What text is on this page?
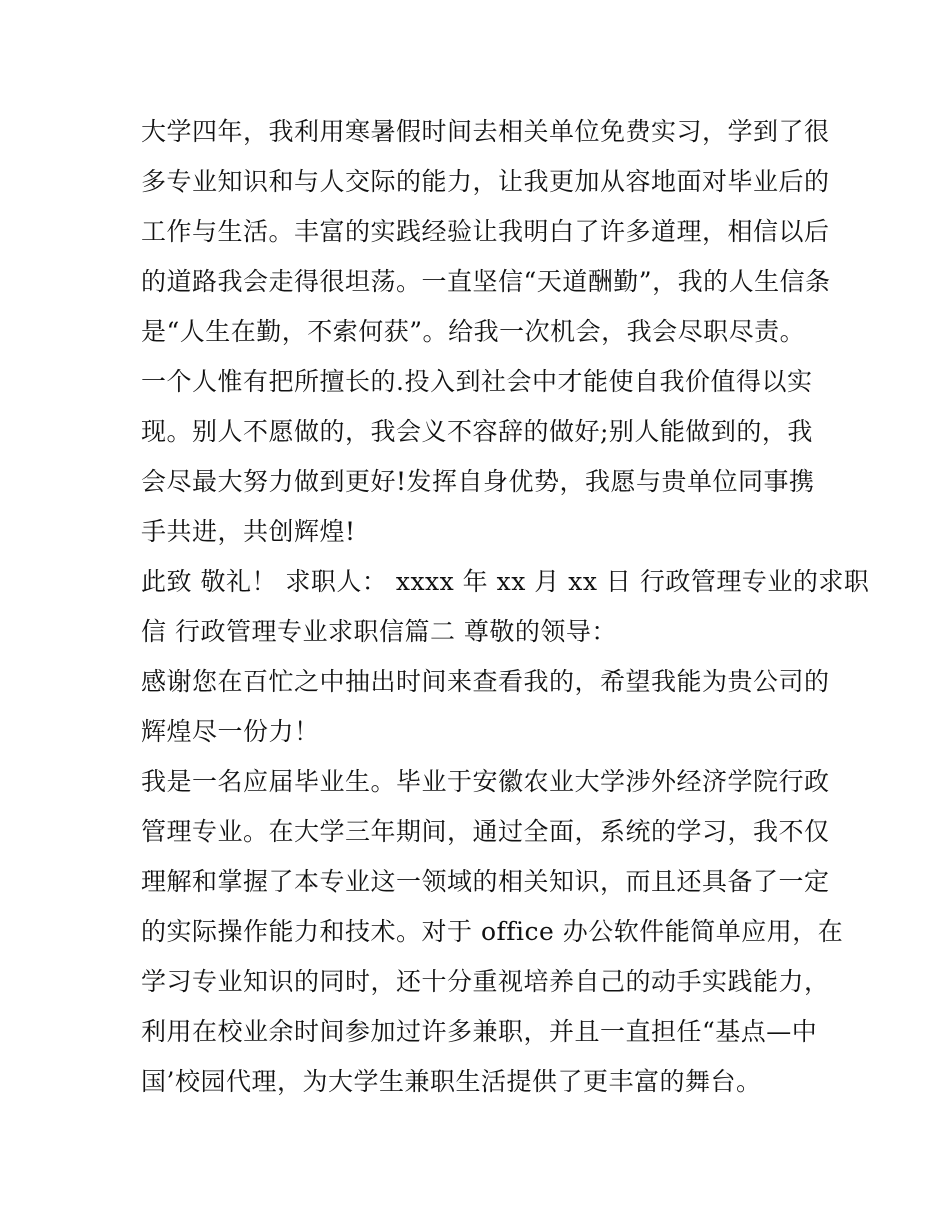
大学四年，我利用寒暑假时间去相关单位免费实习，学到了很
多专业知识和与人交际的能力，让我更加从容地面对毕业后的
工作与生活。丰富的实践经验让我明白了许多道理，相信以后
的道路我会走得很坦荡。一直坚信“天道酬勤”，我的人生信条
是“人生在勤，不索何获”。给我一次机会，我会尽职尽责。
一个人惟有把所擅长的.投入到社会中才能使自我价值得以实
现。别人不愿做的，我会义不容辞的做好;别人能做到的，我
会尽最大努力做到更好!发挥自身优势，我愿与贵单位同事携
手共进，共创辉煌!
此致 敬礼！ 求职人： xxxx 年 xx 月 xx 日 行政管理专业的求职
信 行政管理专业求职信篇二 尊敬的领导：
感谢您在百忙之中抽出时间来查看我的，希望我能为贵公司的
辉煌尽一份力！
我是一名应届毕业生。毕业于安徽农业大学涉外经济学院行政
管理专业。在大学三年期间，通过全面，系统的学习，我不仅
理解和掌握了本专业这一领域的相关知识，而且还具备了一定
的实际操作能力和技术。对于 office 办公软件能简单应用，在
学习专业知识的同时，还十分重视培养自己的动手实践能力，
利用在校业余时间参加过许多兼职，并且一直担任“基点—中
国’校园代理，为大学生兼职生活提供了更丰富的舞台。
